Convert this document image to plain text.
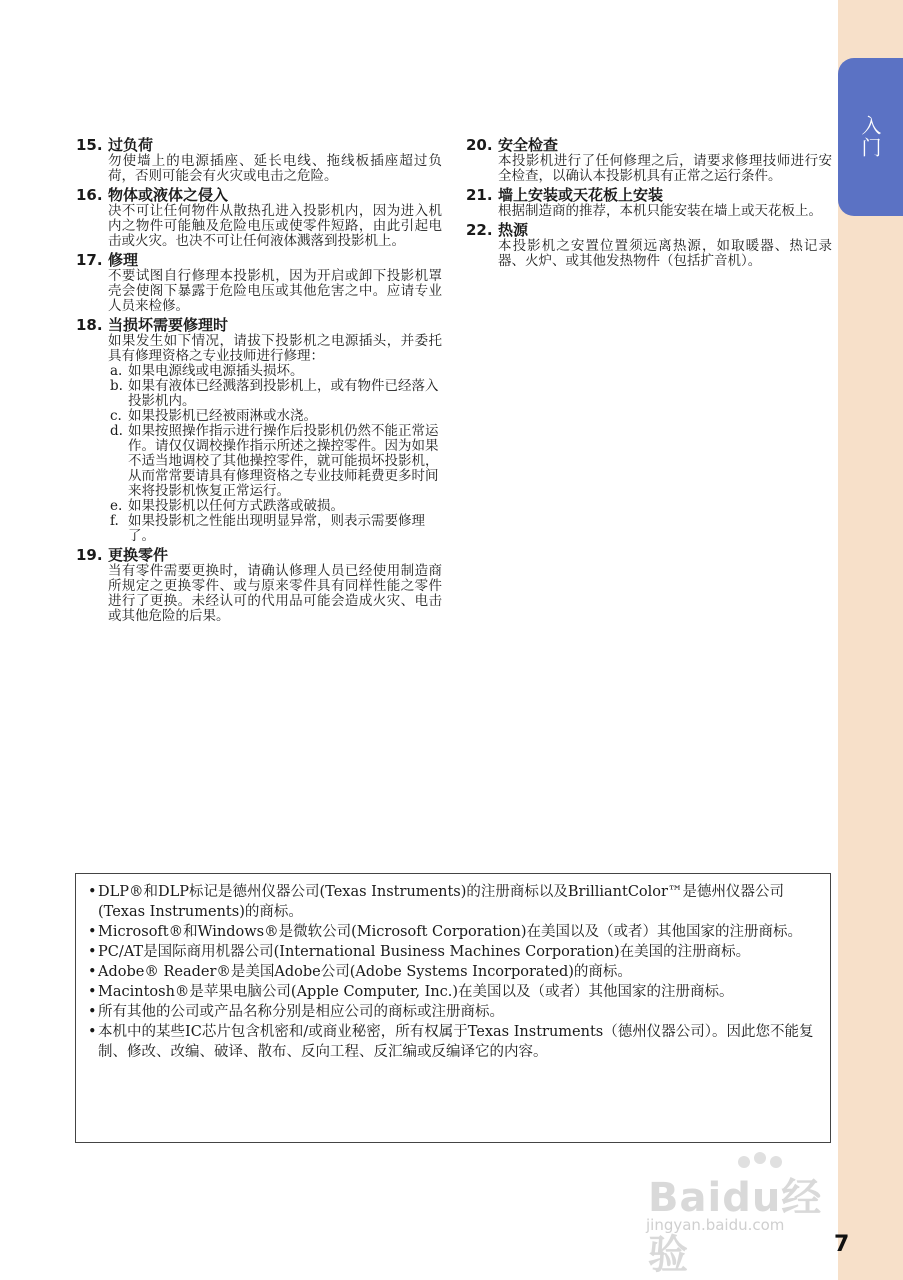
入门
15. 过负荷
勿使墙上的电源插座、延长电线、拖线板插座超过负荷，否则可能会有火灾或电击之危险。
16. 物体或液体之侵入
决不可让任何物件从散热孔进入投影机内，因为进入机内之物件可能触及危险电压或使零件短路，由此引起电击或火灾。也决不可让任何液体溅落到投影机上。
17. 修理
不要试图自行修理本投影机，因为开启或卸下投影机罩壳会使阁下暴露于危险电压或其他危害之中。应请专业人员来检修。
18. 当损坏需要修理时
如果发生如下情况，请拔下投影机之电源插头，并委托具有修理资格之专业技师进行修理：
a. 如果电源线或电源插头损坏。
b. 如果有液体已经溅落到投影机上，或有物件已经落入投影机内。
c. 如果投影机已经被雨淋或水浇。
d. 如果按照操作指示进行操作后投影机仍然不能正常运作。请仅仅调校操作指示所述之操控零件。因为如果不适当地调校了其他操控零件，就可能损坏投影机，从而常常要请具有修理资格之专业技师耗费更多时间来将投影机恢复正常运行。
e. 如果投影机以任何方式跌落或破损。
f. 如果投影机之性能出现明显异常，则表示需要修理了。
19. 更换零件
当有零件需要更换时，请确认修理人员已经使用制造商所规定之更换零件、或与原来零件具有同样性能之零件进行了更换。未经认可的代用品可能会造成火灾、电击或其他危险的后果。
20. 安全检查
本投影机进行了任何修理之后，请要求修理技师进行安全检查，以确认本投影机具有正常之运行条件。
21. 墙上安装或天花板上安装
根据制造商的推荐，本机只能安装在墙上或天花板上。
22. 热源
本投影机之安置位置须远离热源，如取暖器、热记录器、火炉、或其他发热物件（包括扩音机）。
• DLP®和DLP标记是德州仪器公司(Texas Instruments)的注册商标以及BrilliantColor™是德州仪器公司(Texas Instruments)的商标。
• Microsoft®和Windows®是微软公司(Microsoft Corporation)在美国以及（或者）其他国家的注册商标。
• PC/AT是国际商用机器公司(International Business Machines Corporation)在美国的注册商标。
• Adobe® Reader®是美国Adobe公司(Adobe Systems Incorporated)的商标。
• Macintosh®是苹果电脑公司(Apple Computer, Inc.)在美国以及（或者）其他国家的注册商标。
• 所有其他的公司或产品名称分别是相应公司的商标或注册商标。
• 本机中的某些IC芯片包含机密和/或商业秘密，所有权属于Texas Instruments（德州仪器公司）。因此您不能复制、修改、改编、破译、散布、反向工程、反汇编或反编译它的内容。
Baidu经验
jingyan.baidu.com
7
